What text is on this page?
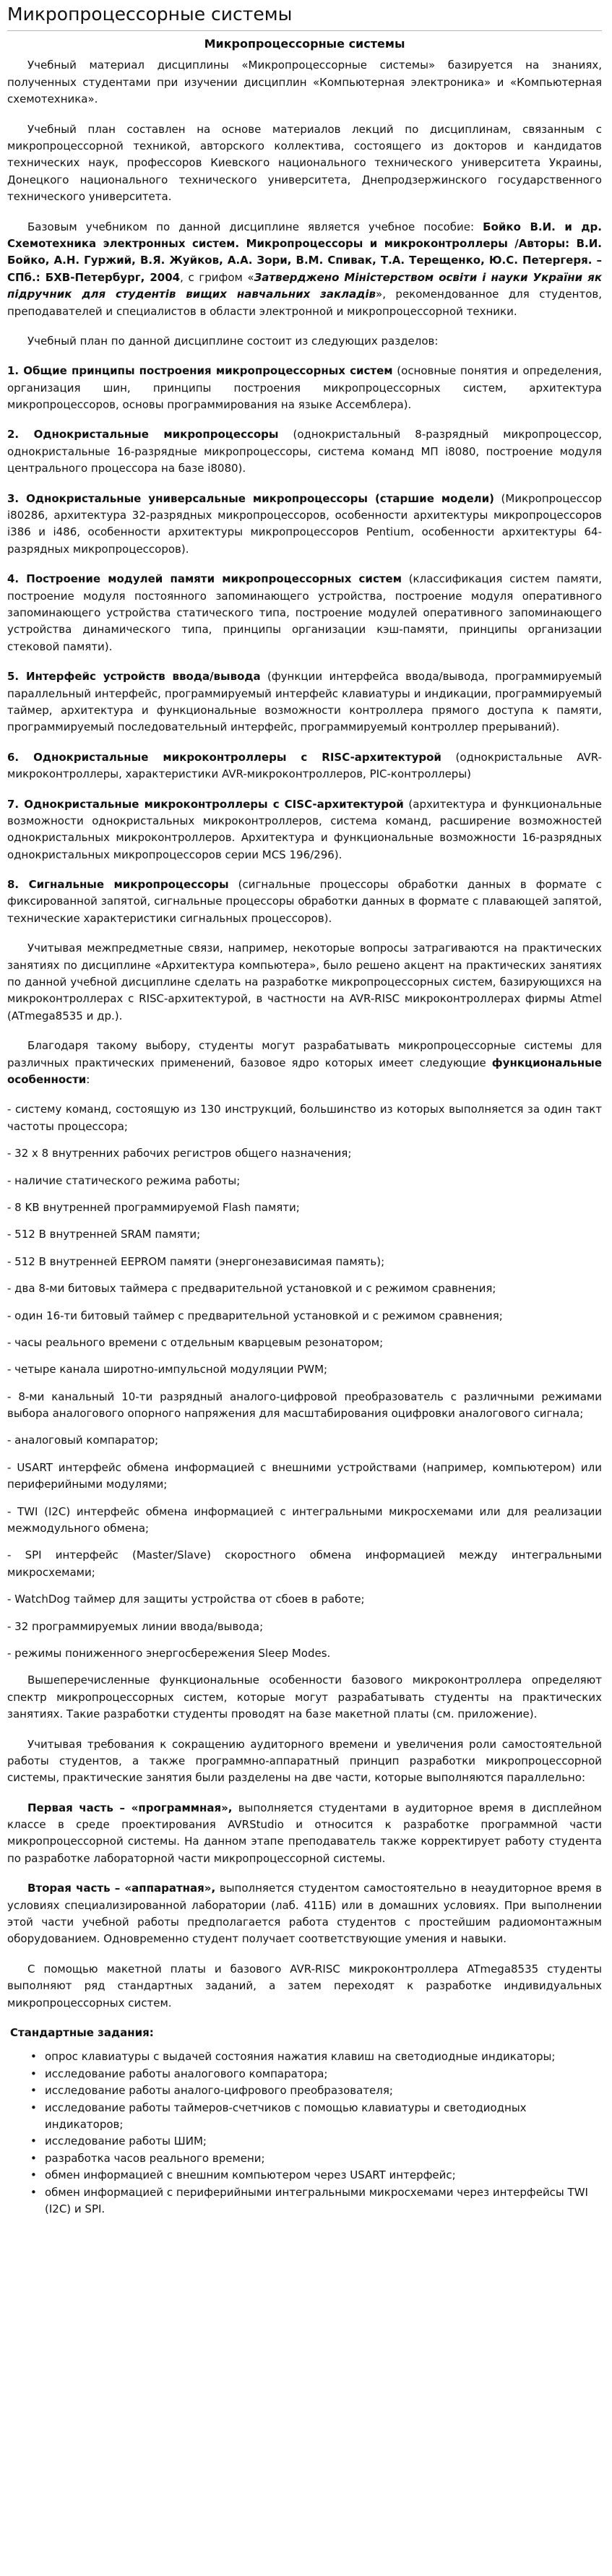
Микропроцессорные системы
Микропроцессорные системы

Учебный материал дисциплины «Микропроцессорные системы» базируется на знаниях, полученных студентами при изучении дисциплин «Компьютерная электроника» и «Компьютерная схемотехника».

Учебный план составлен на основе материалов лекций по дисциплинам, связанным с микропроцессорной техникой, авторского коллектива, состоящего из докторов и кандидатов технических наук, профессоров Киевского национального технического университета Украины, Донецкого национального технического университета, Днепродзержинского государственного технического университета.

Базовым учебником по данной дисциплине является учебное пособие: Бойко В.И. и др. Схемотехника электронных систем. Микропроцессоры и микроконтроллеры /Авторы: В.И. Бойко, А.Н. Гуржий, В.Я. Жуйков, А.А. Зори, В.М. Спивак, Т.А. Терещенко, Ю.С. Петергеря. – СПб.: БХВ-Петербург, 2004, с грифом «Затверджено Міністерством освіти і науки України як підручник для студентів вищих навчальних закладів», рекомендованное для студентов, преподавателей и специалистов в области электронной и микропроцессорной техники.

Учебный план по данной дисциплине состоит из следующих разделов:

1. Общие принципы построения микропроцессорных систем (основные понятия и определения, организация шин, принципы построения микропроцессорных систем, архитектура микропроцессоров, основы программирования на языке Ассемблера).
2. Однокристальные микропроцессоры (однокристальный 8-разрядный микропроцессор, однокристальные 16-разрядные микропроцессоры, система команд МП i8080, построение модуля центрального процессора на базе i8080).
3. Однокристальные универсальные микропроцессоры (старшие модели) (Микропроцессор i80286, архитектура 32-разрядных микропроцессоров, особенности архитектуры микропроцессоров i386 и i486, особенности архитектуры микропроцессоров Pentium, особенности архитектуры 64-разрядных микропроцессоров).
4. Построение модулей памяти микропроцессорных систем (классификация систем памяти, построение модуля постоянного запоминающего устройства, построение модуля оперативного запоминающего устройства статического типа, построение модулей оперативного запоминающего устройства динамического типа, принципы организации кэш-памяти, принципы организации стековой памяти).
5. Интерфейс устройств ввода/вывода (функции интерфейса ввода/вывода, программируемый параллельный интерфейс, программируемый интерфейс клавиатуры и индикации, программируемый таймер, архитектура и функциональные возможности контроллера прямого доступа к памяти, программируемый последовательный интерфейс, программируемый контроллер прерываний).
6. Однокристальные микроконтроллеры с RISC-архитектурой (однокристальные AVR-микроконтроллеры, характеристики AVR-микроконтроллеров, PIC-контроллеры)
7. Однокристальные микроконтроллеры с CISC-архитектурой (архитектура и функциональные возможности однокристальных микроконтроллеров, система команд, расширение возможностей однокристальных микроконтроллеров. Архитектура и функциональные возможности 16-разрядных однокристальных микропроцессоров серии MCS 196/296).
8. Сигнальные микропроцессоры (сигнальные процессоры обработки данных в формате с фиксированной запятой, сигнальные процессоры обработки данных в формате с плавающей запятой, технические характеристики сигнальных процессоров).

Учитывая межпредметные связи, например, некоторые вопросы затрагиваются на практических занятиях по дисциплине «Архитектура компьютера», было решено акцент на практических занятиях по данной учебной дисциплине сделать на разработке микропроцессорных систем, базирующихся на микроконтроллерах с RISC-архитектурой, в частности на AVR-RISC микроконтроллерах фирмы Atmel (ATmega8535 и др.).

Благодаря такому выбору, студенты могут разрабатывать микропроцессорные системы для различных практических применений, базовое ядро которых имеет следующие функциональные особенности:

- систему команд, состоящую из 130 инструкций, большинство из которых выполняется за один такт частоты процессора;
- 32 x 8 внутренних рабочих регистров общего назначения;
- наличие статического режима работы;
- 8 KB внутренней программируемой Flash памяти;
- 512 B внутренней SRAM памяти;
- 512 B внутренней EEPROM памяти (энергонезависимая память);
- два 8-ми битовых таймера с предварительной установкой и с режимом сравнения;
- один 16-ти битовый таймер с предварительной установкой и с режимом сравнения;
- часы реального времени с отдельным кварцевым резонатором;
- четыре канала широтно-импульсной модуляции PWM;
- 8-ми канальный 10-ти разрядный аналого-цифровой преобразователь с различными режимами выбора аналогового опорного напряжения для масштабирования оцифровки аналогового сигнала;
- аналоговый компаратор;
- USART интерфейс обмена информацией с внешними устройствами (например, компьютером) или периферийными модулями;
- TWI (I2C) интерфейс обмена информацией с интегральными микросхемами или для реализации межмодульного обмена;
- SPI интерфейс (Master/Slave) скоростного обмена информацией между интегральными микросхемами;
- WatchDog таймер для защиты устройства от сбоев в работе;
- 32 программируемых линии ввода/вывода;
- режимы пониженного энергосбережения Sleep Modes.

Вышеперечисленные функциональные особенности базового микроконтроллера определяют спектр микропроцессорных систем, которые могут разрабатывать студенты на практических занятиях. Такие разработки студенты проводят на базе макетной платы (см. приложение).

Учитывая требования к сокращению аудиторного времени и увеличения роли самостоятельной работы студентов, а также программно-аппаратный принцип разработки микропроцессорной системы, практические занятия были разделены на две части, которые выполняются параллельно:

Первая часть – «программная», выполняется студентами в аудиторное время в дисплейном классе в среде проектирования AVRStudio и относится к разработке программной части микропроцессорной системы. На данном этапе преподаватель также корректирует работу студента по разработке лабораторной части микропроцессорной системы.

Вторая часть – «аппаратная», выполняется студентом самостоятельно в неаудиторное время в условиях специализированной лаборатории (лаб. 411Б) или в домашних условиях. При выполнении этой части учебной работы предполагается работа студентов с простейшим радиомонтажным оборудованием. Одновременно студент получает соответствующие умения и навыки.

С помощью макетной платы и базового AVR-RISC микроконтроллера ATmega8535 студенты выполняют ряд стандартных заданий, а затем переходят к разработке индивидуальных микропроцессорных систем.

Стандартные задания:
• опрос клавиатуры с выдачей состояния нажатия клавиш на светодиодные индикаторы;
• исследование работы аналогового компаратора;
• исследование работы аналого-цифрового преобразователя;
• исследование работы таймеров-счетчиков с помощью клавиатуры и светодиодных индикаторов;
• исследование работы ШИМ;
• разработка часов реального времени;
• обмен информацией с внешним компьютером через USART интерфейс;
• обмен информацией с периферийными интегральными микросхемами через интерфейсы TWI (I2C) и SPI.
